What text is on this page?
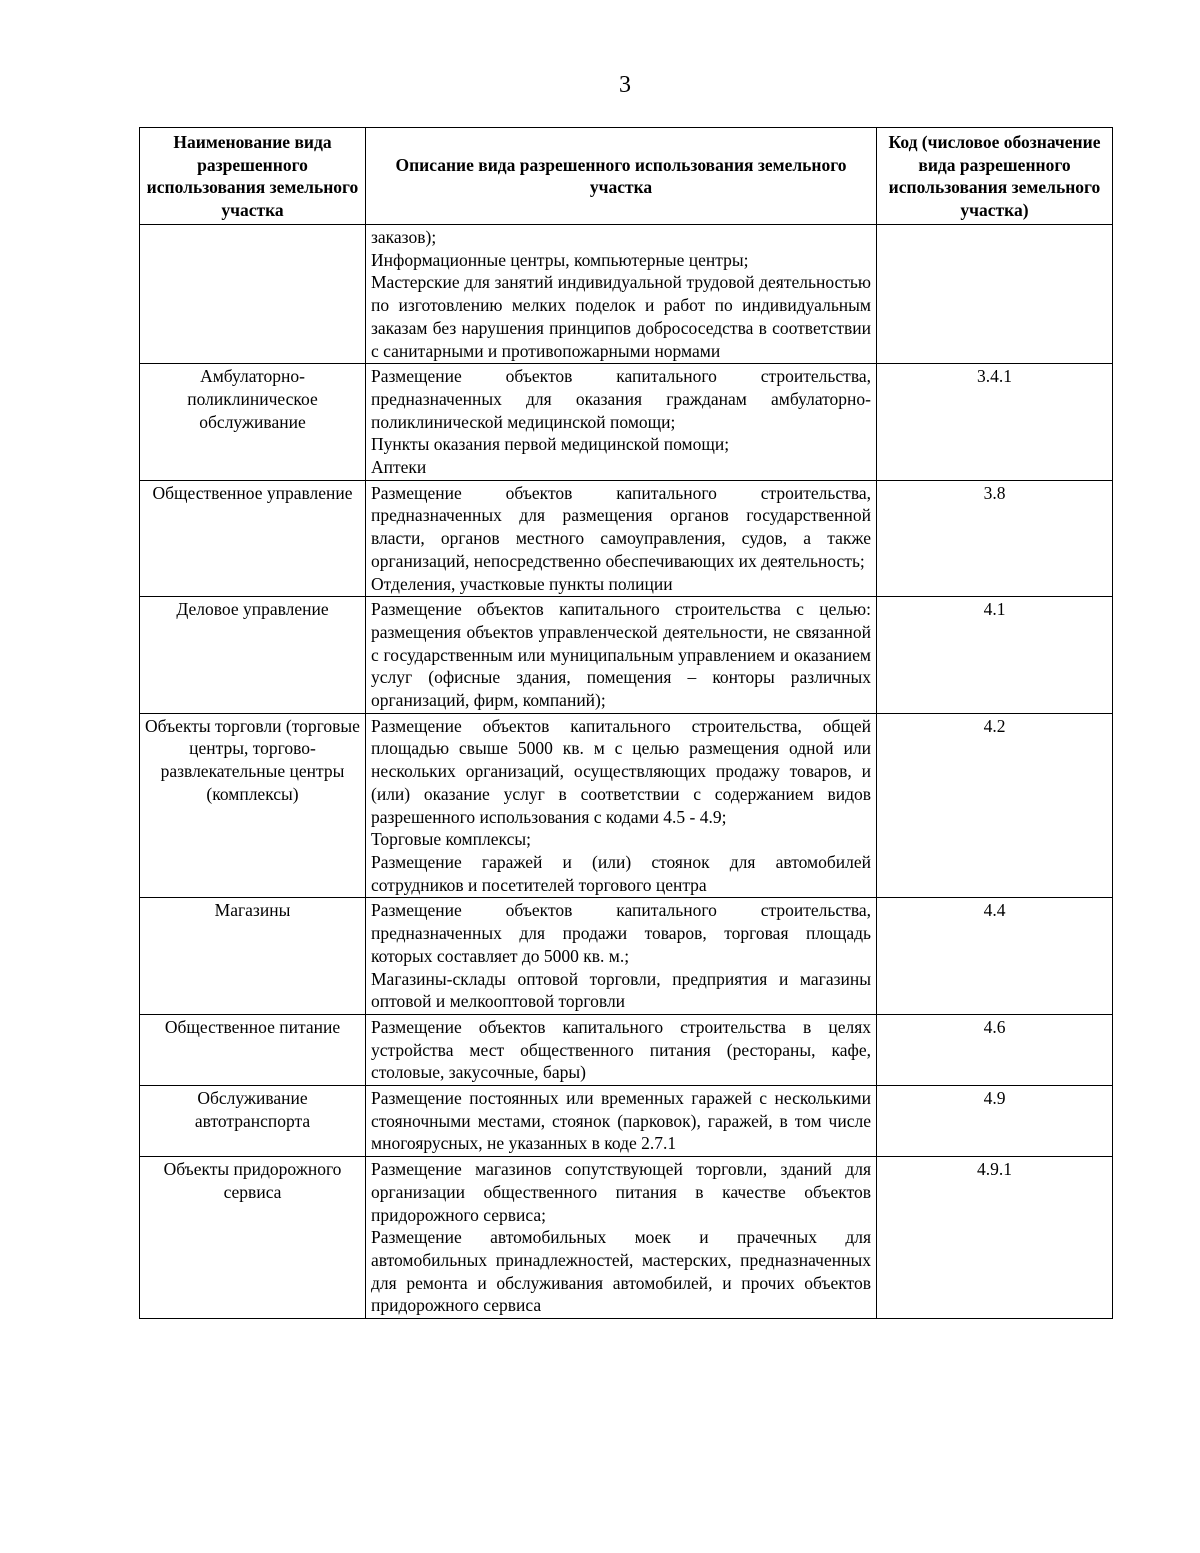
3
Наименование вида разрешенного использования земельного участка	Описание вида разрешенного использования земельного участка	Код (числовое обозначение вида разрешенного использования земельного участка)

	заказов);

Информационные центры, компьютерные центры;

Мастерские для занятий индивидуальной трудовой деятельностью по изготовлению мелких поделок и работ по индивидуальным заказам без нарушения принципов добрососедства в соответствии с санитарными и противопожарными нормами	

Амбулаторно-поликлиническое обслуживание	Размещение объектов капитального строительства, предназначенных для оказания гражданам амбулаторно-поликлинической медицинской помощи;

Пункты оказания первой медицинской помощи;

Аптеки	3.4.1
Общественное управление	Размещение объектов капитального строительства, предназначенных для размещения органов государственной власти, органов местного самоуправления, судов, а также организаций, непосредственно обеспечивающих их деятельность;

Отделения, участковые пункты полиции	3.8
Деловое управление	Размещение объектов капитального строительства с целью: размещения объектов управленческой деятельности, не связанной с государственным или муниципальным управлением и оказанием услуг (офисные здания, помещения – конторы различных организаций, фирм, компаний);	4.1
Объекты торговли (торговые центры, торгово-развлекательные центры (комплексы)	Размещение объектов капитального строительства, общей площадью свыше 5000 кв. м с целью размещения одной или нескольких организаций, осуществляющих продажу товаров, и (или) оказание услуг в соответствии с содержанием видов разрешенного использования с кодами 4.5 - 4.9;

Торговые комплексы;

Размещение гаражей и (или) стоянок для автомобилей сотрудников и посетителей торгового центра	4.2
Магазины	Размещение объектов капитального строительства, предназначенных для продажи товаров, торговая площадь которых составляет до 5000 кв. м.;

Магазины-склады оптовой торговли, предприятия и магазины оптовой и мелкооптовой торговли	4.4
Общественное питание	Размещение объектов капитального строительства в целях устройства мест общественного питания (рестораны, кафе, столовые, закусочные, бары)	4.6
Обслуживание автотранспорта	Размещение постоянных или временных гаражей с несколькими стояночными местами, стоянок (парковок), гаражей, в том числе многоярусных, не указанных в коде 2.7.1	4.9
Объекты придорожного сервиса	Размещение магазинов сопутствующей торговли, зданий для организации общественного питания в качестве объектов придорожного сервиса;

Размещение автомобильных моек и прачечных для автомобильных принадлежностей, мастерских, предназначенных для ремонта и обслуживания автомобилей, и прочих объектов придорожного сервиса	4.9.1
